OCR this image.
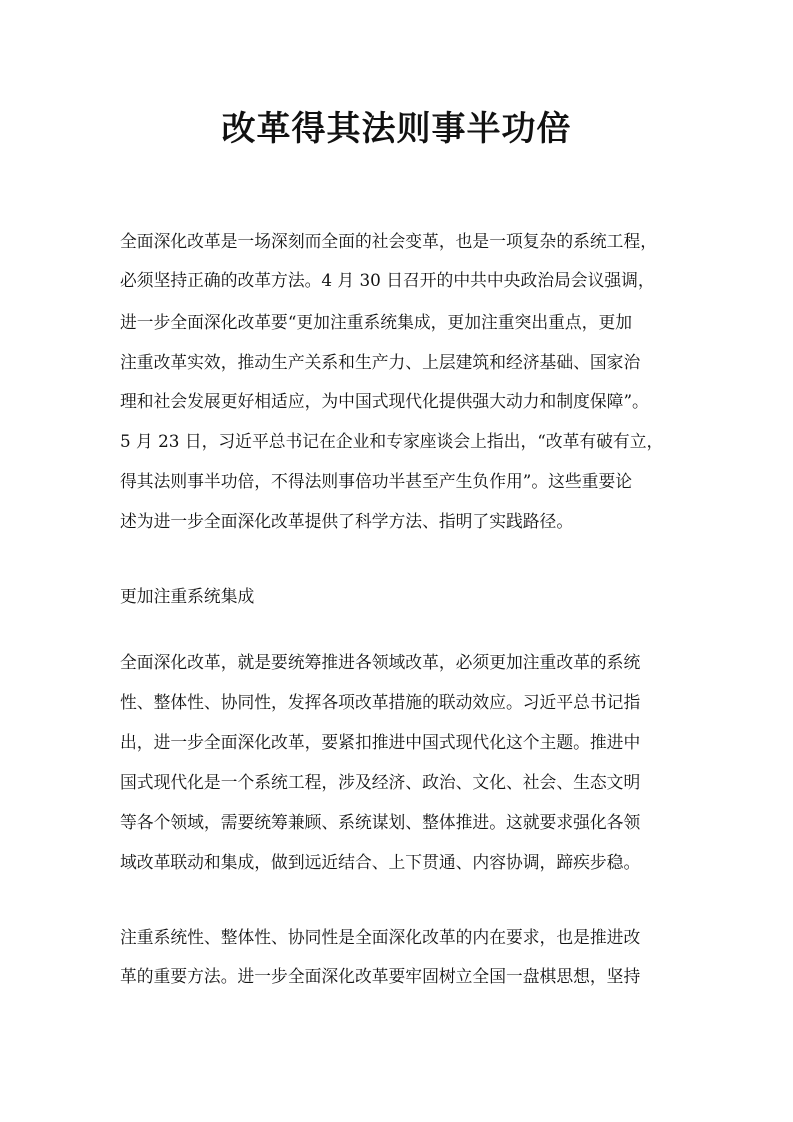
改革得其法则事半功倍
全面深化改革是一场深刻而全面的社会变革，也是一项复杂的系统工程，
必须坚持正确的改革方法。4 月 30 日召开的中共中央政治局会议强调，
进一步全面深化改革要“更加注重系统集成，更加注重突出重点，更加
注重改革实效，推动生产关系和生产力、上层建筑和经济基础、国家治
理和社会发展更好相适应，为中国式现代化提供强大动力和制度保障”。
5 月 23 日，习近平总书记在企业和专家座谈会上指出，“改革有破有立，
得其法则事半功倍，不得法则事倍功半甚至产生负作用”。这些重要论
述为进一步全面深化改革提供了科学方法、指明了实践路径。
更加注重系统集成
全面深化改革，就是要统筹推进各领域改革，必须更加注重改革的系统
性、整体性、协同性，发挥各项改革措施的联动效应。习近平总书记指
出，进一步全面深化改革，要紧扣推进中国式现代化这个主题。推进中
国式现代化是一个系统工程，涉及经济、政治、文化、社会、生态文明
等各个领域，需要统筹兼顾、系统谋划、整体推进。这就要求强化各领
域改革联动和集成，做到远近结合、上下贯通、内容协调，蹄疾步稳。
注重系统性、整体性、协同性是全面深化改革的内在要求，也是推进改
革的重要方法。进一步全面深化改革要牢固树立全国一盘棋思想，坚持
